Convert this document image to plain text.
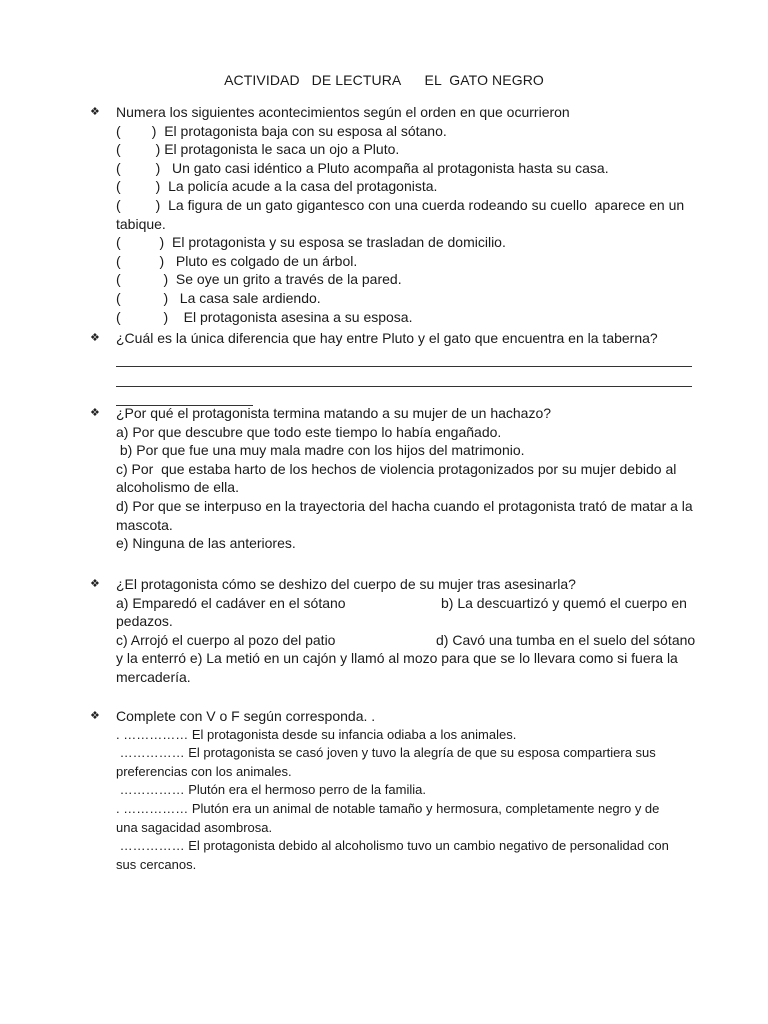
ACTIVIDAD   DE LECTURA      EL  GATO NEGRO
❖	Numera los siguientes acontecimientos según el orden en que ocurrieron
(        )  El protagonista baja con su esposa al sótano.
(         ) El protagonista le saca un ojo a Pluto.
(         )   Un gato casi idéntico a Pluto acompaña al protagonista hasta su casa.
(         )  La policía acude a la casa del protagonista.
(         )  La figura de un gato gigantesco con una cuerda rodeando su cuello  aparece en un
tabique.
(          )  El protagonista y su esposa se trasladan de domicilio.
(          )   Pluto es colgado de un árbol.
(           )  Se oye un grito a través de la pared.
(           )   La casa sale ardiendo.
(           )    El protagonista asesina a su esposa.
❖	¿Cuál es la única diferencia que hay entre Pluto y el gato que encuentra en la taberna?
❖	¿Por qué el protagonista termina matando a su mujer de un hachazo?
a) Por que descubre que todo este tiempo lo había engañado.
b) Por que fue una muy mala madre con los hijos del matrimonio.
c) Por  que estaba harto de los hechos de violencia protagonizados por su mujer debido al
alcoholismo de ella.
d) Por que se interpuso en la trayectoria del hacha cuando el protagonista trató de matar a la
mascota.
e) Ninguna de las anteriores.
❖	¿El protagonista cómo se deshizo del cuerpo de su mujer tras asesinarla?
a) Emparedó el cadáver en el sótano	b) La descuartizó y quemó el cuerpo en
pedazos.
c) Arrojó el cuerpo al pozo del patio	d) Cavó una tumba en el suelo del sótano
y la enterró e) La metió en un cajón y llamó al mozo para que se lo llevara como si fuera la
mercadería.
❖	Complete con V o F según corresponda. .
. …………… El protagonista desde su infancia odiaba a los animales.
…………… El protagonista se casó joven y tuvo la alegría de que su esposa compartiera sus
preferencias con los animales.
…………… Plutón era el hermoso perro de la familia.
. …………… Plutón era un animal de notable tamaño y hermosura, completamente negro y de
una sagacidad asombrosa.
…………… El protagonista debido al alcoholismo tuvo un cambio negativo de personalidad con
sus cercanos.
